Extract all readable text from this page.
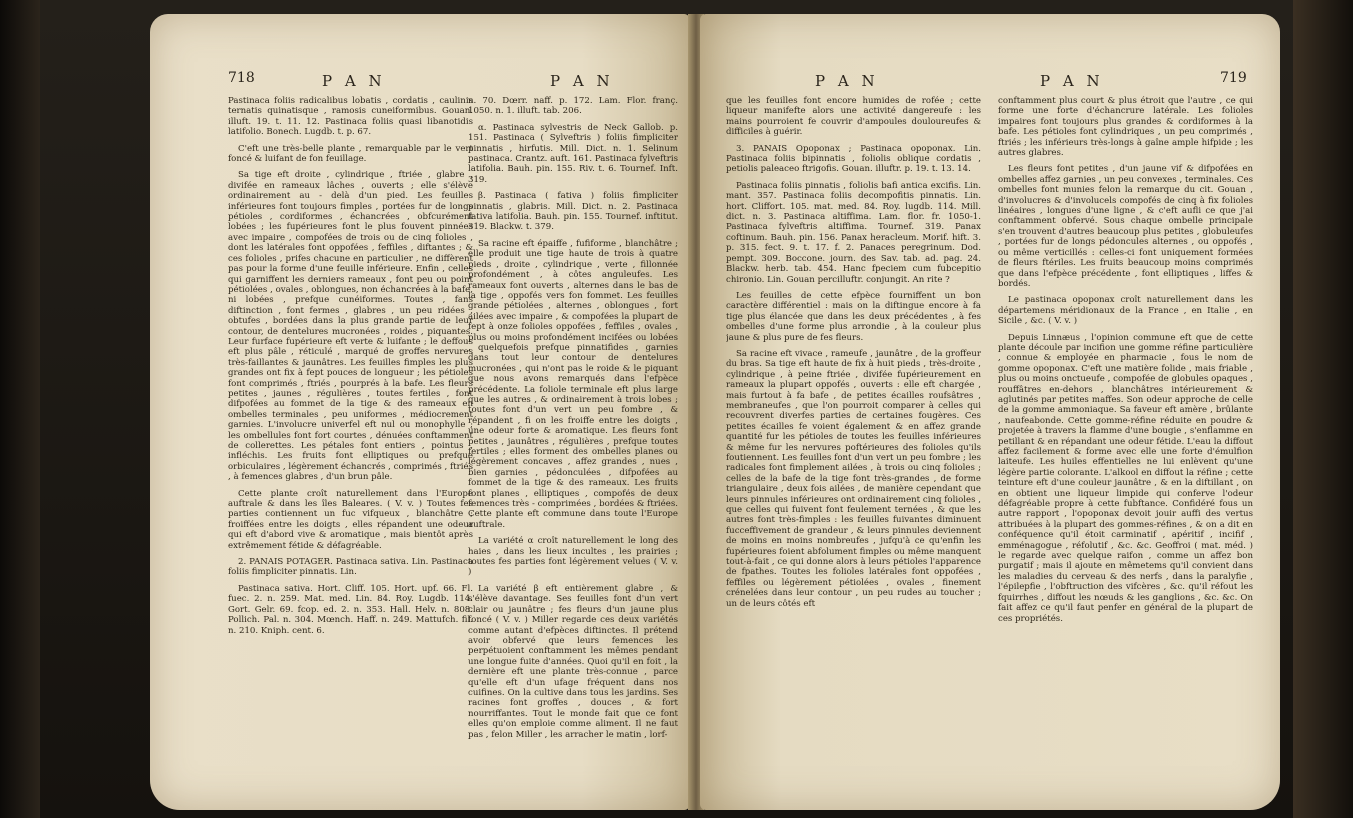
718	P A N	P A N

Pastinaca foliis radicalibus lobatis , cordatis , caulinis ternatis quinatisque , ramosis cuneiformibus. Gouan. illuft. 19. t. 11. 12. Pastinaca foliis quasi libanotidis latifolio. Bonech. Lugdb. t. p. 67.

C'eft une très-belle plante , remarquable par le vert foncé & luifant de fon feuillage.

Sa tige eft droite , cylindrique , ftriée , glabre , divifée en rameaux lâches , ouverts ; elle s'élève ordinairement au - delà d'un pied. Les feuilles inférieures font toujours fimples , portées fur de longs pétioles , cordiformes , échancrées , obfcurément lobées ; les fupérieures font le plus fouvent pinnées avec impaire , compofées de trois ou de cinq folioles , dont les latérales font oppofées , feffiles , diftantes ; & ces folioles , prifes chacune en particulier , ne diffèrent pas pour la forme d'une feuille inférieure. Enfin , celles qui garniffent les derniers rameaux , font peu ou point pétiolées , ovales , oblongues, non échancrées à la bafe, ni lobées , prefque cunéiformes. Toutes , fans diftinction , font fermes , glabres , un peu ridées , obtufes , bordées dans la plus grande partie de leur contour, de dentelures mucronées , roides , piquantes. Leur furface fupérieure eft verte & luifante ; le deffous eft plus pâle , réticulé , marqué de groffes nervures très-faillantes & jaunâtres. Les feuilles fimples les plus grandes ont fix à fept pouces de longueur ; les pétioles font comprimés , ftriés , pourprés à la bafe. Les fleurs petites , jaunes , régulières , toutes fertiles , font difpofées au fommet de la tige & des rameaux en ombelles terminales , peu uniformes , médiocrement garnies. L'involucre univerfel eft nul ou monophylle ; les ombellules font fort courtes , dénuées conftamment de collerettes. Les pétales font entiers , pointus , infléchis. Les fruits font elliptiques ou prefque orbiculaires , légèrement échancrés , comprimés , ftriés , à femences glabres , d'un brun pâle.

Cette plante croît naturellement dans l'Europe auftrale & dans les îles Baleares. ( V. v. ) Toutes fes parties contiennent un fuc vifqueux , blanchâtre ; froiffées entre les doigts , elles répandent une odeur qui eft d'abord vive & aromatique , mais bientôt après extrêmement fétide & défagréable.

2. PANAIS POTAGER. Pastinaca sativa. Lin. Pastinaca foliis fimpliciter pinnatis. Lin.

Pastinaca sativa. Hort. Cliff. 105. Hort. upf. 66. Fl. fuec. 2. n. 259. Mat. med. Lin. 84. Roy. Lugdb. 114. Gort. Gelr. 69. fcop. ed. 2. n. 353. Hall. Helv. n. 808. Pollich. Pal. n. 304. Mœnch. Haff. n. 249. Mattufch. fil. n. 210. Kniph. cent. 6.

n. 70. Dœrr. naff. p. 172. Lam. Flor. franç. 1050. n. 1. illuft. tab. 206.

α. Pastinaca sylvestris de Neck Gallob. p. 151. Pastinaca ( Sylveftris ) foliis fimpliciter pinnatis , hirfutis. Mill. Dict. n. 1. Selinum pastinaca. Crantz. auft. 161. Pastinaca fylveftris latifolia. Bauh. pin. 155. Riv. t. 6. Tournef. Inft. 319.

β. Pastinaca ( fativa ) foliis fimpliciter pinnatis , glabris. Mill. Dict. n. 2. Pastinaca fativa latifolia. Bauh. pin. 155. Tournef. inftitut. 319. Blackw. t. 379.

Sa racine eft épaiffe , fufiforme , blanchâtre ; elle produit une tige haute de trois à quatre pieds , droite , cylindrique , verte , fillonnée profondément , à côtes anguleufes. Les rameaux font ouverts , alternes dans le bas de la tige , oppofés vers fon fommet. Les feuilles grande pétiolées , alternes , oblongues , fort ailées avec impaire , & compofées la plupart de fept à onze folioles oppofées , feffiles , ovales , plus ou moins profondément incifées ou lobées , quelquefois prefque pinnatifides , garnies dans tout leur contour de dentelures mucronées , qui n'ont pas le roide & le piquant que nous avons remarqués dans l'efpèce précédente. La foliole terminale eft plus large que les autres , & ordinairement à trois lobes ; toutes font d'un vert un peu fombre , & répandent , fi on les froiffe entre les doigts , une odeur forte & aromatique. Les fleurs font petites , jaunâtres , régulières , prefque toutes fertiles ; elles forment des ombelles planes ou légèrement concaves , affez grandes , nues , bien garnies , pédonculées , difpofées au fommet de la tige & des rameaux. Les fruits font planes , elliptiques , compofés de deux femences très - comprimées , bordées & ftriées. Cette plante eft commune dans toute l'Europe auftrale.

La variété α croît naturellement le long des haies , dans les lieux incultes , les prairies ; toutes fes parties font légèrement velues ( V. v. )

La variété β eft entièrement glabre , & s'élève davantage. Ses feuilles font d'un vert clair ou jaunâtre ; fes fleurs d'un jaune plus foncé ( V. v. ) Miller regarde ces deux variétés comme autant d'efpèces diftinctes. Il prétend avoir obfervé que leurs femences les perpétuoient conftamment les mêmes pendant une longue fuite d'années. Quoi qu'il en foit , la dernière eft une plante très-connue , parce qu'elle eft d'un ufage fréquent dans nos cuifines. On la cultive dans tous les jardins. Ses racines font groffes , douces , & fort nourriffantes. Tout le monde fait que ce font elles qu'on emploie comme aliment. Il ne faut pas , felon Miller , les arracher le matin , lorf-

P A N	P A N	719

que les feuilles font encore humides de rofée ; cette liqueur manifefte alors une activité dangereufe : les mains pourroient fe couvrir d'ampoules douloureufes & difficiles à guérir.

3. PANAIS Opoponax ; Pastinaca opoponax. Lin. Pastinaca foliis bipinnatis , foliolis oblique cordatis , petiolis paleaceo ftrigofis. Gouan. illuftr. p. 19. t. 13. 14.

Pastinaca foliis pinnatis , foliolis bafi antica excifis. Lin. mant. 357. Pastinaca foliis decompofitis pinnatis. Lin. hort. Cliffort. 105. mat. med. 84. Roy. lugdb. 114. Mill. dict. n. 3. Pastinaca altiffima. Lam. flor. fr. 1050-1. Pastinaca fylveftris altiffima. Tournef. 319. Panax coftinum. Bauh. pin. 156. Panax heracleum. Morif. hift. 3. p. 315. fect. 9. t. 17. f. 2. Panaces peregrinum. Dod. pempt. 309. Boccone. journ. des Sav. tab. ad. pag. 24. Blackw. herb. tab. 454. Hanc fpeciem cum fubcepitio chironio. Lin. Gouan percilluftr. conjungit. An rite ?

Les feuilles de cette efpèce fourniffent un bon caractère différentiel : mais on la diftingue encore à fa tige plus élancée que dans les deux précédentes , à fes ombelles d'une forme plus arrondie , à la couleur plus jaune & plus pure de fes fleurs.

Sa racine eft vivace , rameufe , jaunâtre , de la groffeur du bras. Sa tige eft haute de fix à huit pieds , très-droite , cylindrique , à peine ftriée , divifée fupérieurement en rameaux la plupart oppofés , ouverts : elle eft chargée , mais furtout à fa bafe , de petites écailles roufsâtres , membraneufes , que l'on pourroit comparer à celles qui recouvrent diverfes parties de certaines fougères. Ces petites écailles fe voient également & en affez grande quantité fur les pétioles de toutes les feuilles inférieures & même fur les nervures poftérieures des folioles qu'ils foutiennent. Les feuilles font d'un vert un peu fombre ; les radicales font fimplement ailées , à trois ou cinq folioles ; celles de la bafe de la tige font très-grandes , de forme triangulaire , deux fois ailées , de manière cependant que leurs pinnules inférieures ont ordinairement cinq folioles , que celles qui fuivent font feulement ternées , & que les autres font très-fimples : les feuilles fuivantes diminuent fucceffivement de grandeur , & leurs pinnules deviennent de moins en moins nombreufes , jufqu'à ce qu'enfin les fupérieures foient abfolument fimples ou même manquent tout-à-fait , ce qui donne alors à leurs pétioles l'apparence de fpathes. Toutes les folioles latérales font oppofées , feffiles ou légèrement pétiolées , ovales , finement crénelées dans leur contour , un peu rudes au toucher ; un de leurs côtés eft

conftamment plus court & plus étroit que l'autre , ce qui forme une forte d'échancrure latérale. Les folioles impaires font toujours plus grandes & cordiformes à la bafe. Les pétioles font cylindriques , un peu comprimés , ftriés ; les inférieurs très-longs à gaîne ample hifpide ; les autres glabres.

Les fleurs font petites , d'un jaune vif & difpofées en ombelles affez garnies , un peu convexes , terminales. Ces ombelles font munies felon la remarque du cit. Gouan , d'involucres & d'involucels compofés de cinq à fix folioles linéaires , longues d'une ligne , & c'eft aufli ce que j'ai conftamment obfervé. Sous chaque ombelle principale s'en trouvent d'autres beaucoup plus petites , globuleufes , portées fur de longs pédoncules alternes , ou oppofés , ou même verticillés : celles-ci font uniquement formées de fleurs ftériles. Les fruits beaucoup moins comprimés que dans l'efpèce précédente , font elliptiques , liffes & bordés.

Le pastinaca opoponax croît naturellement dans les départemens méridionaux de la France , en Italie , en Sicile , &c. ( V. v. )

Depuis Linnæus , l'opinion commune eft que de cette plante découle par incifion une gomme réfine particulière , connue & employée en pharmacie , fous le nom de gomme opoponax. C'eft une matière folide , mais friable , plus ou moins onctueufe , compofée de globules opaques , rouffâtres en-dehors , blanchâtres intérieurement & aglutinés par petites maffes. Son odeur approche de celle de la gomme ammoniaque. Sa faveur eft amère , brûlante , naufeabonde. Cette gomme-réfine réduite en poudre & projetée à travers la flamme d'une bougie , s'enflamme en petillant & en répandant une odeur fétide. L'eau la diffout affez facilement & forme avec elle une forte d'émulfion laiteufe. Les huiles effentielles ne lui enlèvent qu'une légère partie colorante. L'alkool en diffout la réfine ; cette teinture eft d'une couleur jaunâtre , & en la diftillant , on en obtient une liqueur limpide qui conferve l'odeur défagréable propre à cette fubftance. Confidéré fous un autre rapport , l'opoponax devoit jouir auffi des vertus attribuées à la plupart des gommes-réfines , & on a dit en conféquence qu'il étoit carminatif , apéritif , incifif , emménagogue , réfolutif , &c. &c. Geoffroi ( mat. méd. ) le regarde avec quelque raifon , comme un affez bon purgatif ; mais il ajoute en mêmetems qu'il convient dans les maladies du cerveau & des nerfs , dans la paralyfie , l'épilepfie , l'obftruction des vifcères , &c. qu'il réfout les fquirrhes , diffout les nœuds & les ganglions , &c. &c. On fait affez ce qu'il faut penfer en général de la plupart de ces propriétés.
